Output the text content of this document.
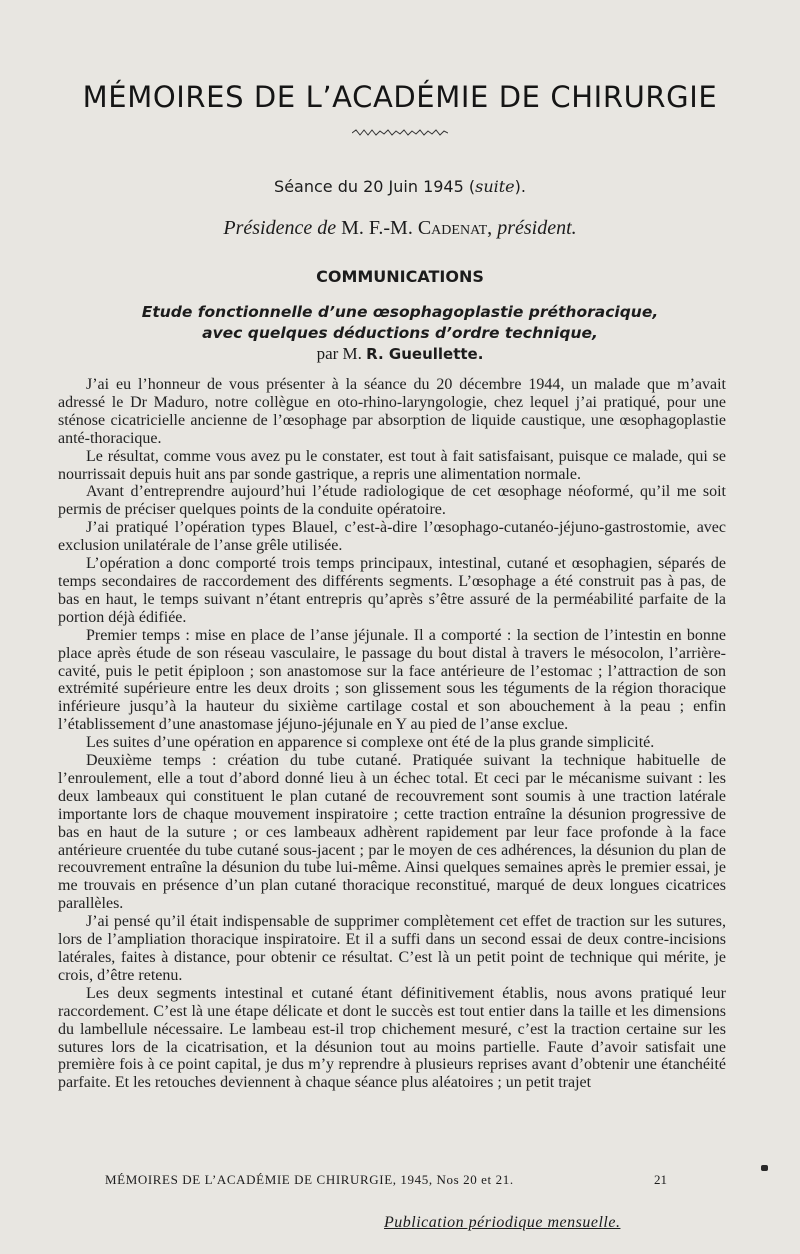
MÉMOIRES DE L’ACADÉMIE DE CHIRURGIE
Séance du 20 Juin 1945 (suite).
Présidence de M. F.-M. Cadenat, président.
COMMUNICATIONS
Etude fonctionnelle d’une œsophagoplastie préthoracique,
avec quelques déductions d’ordre technique,
par M. R. Gueullette.

J’ai eu l’honneur de vous présenter à la séance du 20 décembre 1944, un malade que m’avait adressé le Dr Maduro, notre collègue en oto-rhino-laryngologie, chez lequel j’ai pratiqué, pour une sténose cicatricielle ancienne de l’œsophage par absorption de liquide caustique, une œsophagoplastie anté-thoracique.

Le résultat, comme vous avez pu le constater, est tout à fait satisfaisant, puisque ce malade, qui se nourrissait depuis huit ans par sonde gastrique, a repris une alimentation normale.

Avant d’entreprendre aujourd’hui l’étude radiologique de cet œsophage néoformé, qu’il me soit permis de préciser quelques points de la conduite opératoire.

J’ai pratiqué l’opération types Blauel, c’est-à-dire l’œsophago-cutanéo-jéjuno-gastrostomie, avec exclusion unilatérale de l’anse grêle utilisée.

L’opération a donc comporté trois temps principaux, intestinal, cutané et œsophagien, séparés de temps secondaires de raccordement des différents segments. L’œsophage a été construit pas à pas, de bas en haut, le temps suivant n’étant entrepris qu’après s’être assuré de la perméabilité parfaite de la portion déjà édifiée.

Premier temps : mise en place de l’anse jéjunale. Il a comporté : la section de l’intestin en bonne place après étude de son réseau vasculaire, le passage du bout distal à travers le mésocolon, l’arrière-cavité, puis le petit épiploon ; son anastomose sur la face antérieure de l’estomac ; l’attraction de son extrémité supérieure entre les deux droits ; son glissement sous les téguments de la région thoracique inférieure jusqu’à la hauteur du sixième cartilage costal et son abouchement à la peau ; enfin l’établissement d’une anastomase jéjuno-jéjunale en Y au pied de l’anse exclue.

Les suites d’une opération en apparence si complexe ont été de la plus grande simplicité.

Deuxième temps : création du tube cutané. Pratiquée suivant la technique habituelle de l’enroulement, elle a tout d’abord donné lieu à un échec total. Et ceci par le mécanisme suivant : les deux lambeaux qui constituent le plan cutané de recouvrement sont soumis à une traction latérale importante lors de chaque mouvement inspiratoire ; cette traction entraîne la désunion progressive de bas en haut de la suture ; or ces lambeaux adhèrent rapidement par leur face profonde à la face antérieure cruentée du tube cutané sous-jacent ; par le moyen de ces adhérences, la désunion du plan de recouvrement entraîne la désunion du tube lui-même. Ainsi quelques semaines après le premier essai, je me trouvais en présence d’un plan cutané thoracique reconstitué, marqué de deux longues cicatrices parallèles.

J’ai pensé qu’il était indispensable de supprimer complètement cet effet de traction sur les sutures, lors de l’ampliation thoracique inspiratoire. Et il a suffi dans un second essai de deux contre-incisions latérales, faites à distance, pour obtenir ce résultat. C’est là un petit point de technique qui mérite, je crois, d’être retenu.

Les deux segments intestinal et cutané étant définitivement établis, nous avons pratiqué leur raccordement. C’est là une étape délicate et dont le succès est tout entier dans la taille et les dimensions du lambellule nécessaire. Le lambeau est-il trop chichement mesuré, c’est la traction certaine sur les sutures lors de la cicatrisation, et la désunion tout au moins partielle. Faute d’avoir satisfait une première fois à ce point capital, je dus m’y reprendre à plusieurs reprises avant d’obtenir une étanchéité parfaite. Et les retouches deviennent à chaque séance plus aléatoires ; un petit trajet

MÉMOIRES DE L’ACADÉMIE DE CHIRURGIE, 1945, Nos 20 et 21.	21
Publication périodique mensuelle.
